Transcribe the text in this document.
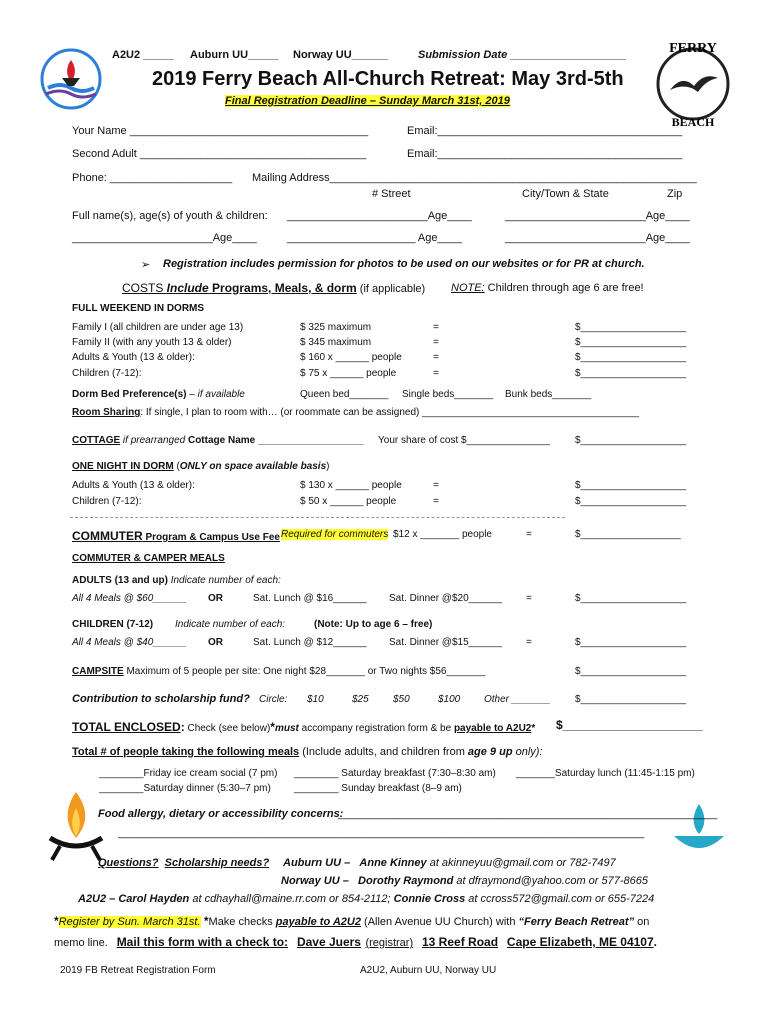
FERRY
BEACH
A2U2 _____ Auburn UU_____ Norway UU______	Submission Date ___________________
2019 Ferry Beach All-Church Retreat: May 3rd-5th
Final Registration Deadline – Sunday March 31st, 2019
Your Name _______________________________________	Email:________________________________________
Second Adult _____________________________________	Email:________________________________________
Phone: ____________________ Mailing Address____________________________________________________________
# Street	City/Town & State	Zip
Full name(s), age(s) of youth & children: _______________________Age____	_______________________Age____
_______________________Age____	_____________________ Age____	_______________________Age____
➢ Registration includes permission for photos to be used on our websites or for PR at church.
COSTS Include Programs, Meals, & dorm (if applicable) NOTE: Children through age 6 are free!
FULL WEEKEND IN DORMS
Family I (all children are under age 13)	$ 325 maximum	=	$___________________
Family II (with any youth 13 & older)	$ 345 maximum	=	$___________________
Adults & Youth (13 & older):	$ 160 x ______ people	=	$___________________
Children (7-12):	$ 75 x ______ people	=	$___________________
Dorm Bed Preference(s) – if available	Queen bed_______ Single beds_______ Bunk beds_______
Room Sharing: If single, I plan to room with… (or roommate can be assigned) _______________________________________
COTTAGE if prearranged Cottage Name ___________________ Your share of cost $_______________	$___________________
ONE NIGHT IN DORM (ONLY on space available basis)
Adults & Youth (13 & older):	$ 130 x ______ people	=	$___________________
Children (7-12):	$ 50 x ______ people	=	$___________________
COMMUTER Program & Campus Use Fee Required for commuters $12 x _______ people	=	$__________________
COMMUTER & CAMPER MEALS
ADULTS (13 and up) Indicate number of each:
All 4 Meals @ $60______ OR	Sat. Lunch @ $16______ Sat. Dinner @$20______ =	$___________________
CHILDREN (7-12) Indicate number of each:	(Note: Up to age 6 – free)
All 4 Meals @ $40______ OR	Sat. Lunch @ $12______ Sat. Dinner @$15______ =	$___________________
CAMPSITE Maximum of 5 people per site: One night $28_______ or Two nights $56_______	$___________________
Contribution to scholarship fund? Circle: $10	$25 $50	$100 Other _______ $___________________
TOTAL ENCLOSED: Check (see below)*must accompany registration form & be payable to A2U2* $_____________________
Total # of people taking the following meals (Include adults, and children from age 9 up only):
________Friday ice cream social (7 pm) ________ Saturday breakfast (7:30–8:30 am) _______Saturday lunch (11:45-1:15 pm)
________Saturday dinner (5:30–7 pm) ________ Sunday breakfast (8–9 am)
Food allergy, dietary or accessibility concerns:
______________________________________________________________
______________________________________________________________________________________
Questions? Scholarship needs? Auburn UU – Anne Kinney at akinneyuu@gmail.com or 782-7497
Norway UU – Dorothy Raymond at dfraymond@yahoo.com or 577-8665
A2U2 – Carol Hayden at cdhayhall@maine.rr.com or 854-2112; Connie Cross at ccross572@gmail.com or 655-7224
*Register by Sun. March 31st. *Make checks payable to A2U2 (Allen Avenue UU Church) with “Ferry Beach Retreat” on
memo line. Mail this form with a check to: Dave Juers (registrar) 13 Reef Road Cape Elizabeth, ME 04107.
2019 FB Retreat Registration Form	A2U2, Auburn UU, Norway UU
